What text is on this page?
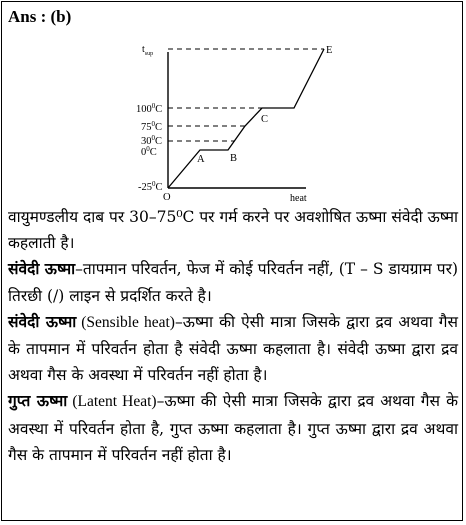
Ans : (b)
$t_{sup}$
$100^0C$
$75^0C$
$30^0C$
$0^0C$
$-25^0C$
A B
C
E
O	heat

वायुमण्डलीय दाब पर 30–75⁰C पर गर्म करने पर अवशोषित ऊष्मा संवेदी ऊष्मा कहलाती है।

संवेदी ऊष्मा–तापमान परिवर्तन, फेज में कोई परिवर्तन नहीं, (T – S डायग्राम पर) तिरछी (/) लाइन से प्रदर्शित करते है।

संवेदी ऊष्मा (Sensible heat)–ऊष्मा की ऐसी मात्रा जिसके द्वारा द्रव अथवा गैस के तापमान में परिवर्तन होता है संवेदी ऊष्मा कहलाता है। संवेदी ऊष्मा द्वारा द्रव अथवा गैस के अवस्था में परिवर्तन नहीं होता है।

गुप्त ऊष्मा (Latent Heat)–ऊष्मा की ऐसी मात्रा जिसके द्वारा द्रव अथवा गैस के अवस्था में परिवर्तन होता है, गुप्त ऊष्मा कहलाता है। गुप्त ऊष्मा द्वारा द्रव अथवा गैस के तापमान में परिवर्तन नहीं होता है।
